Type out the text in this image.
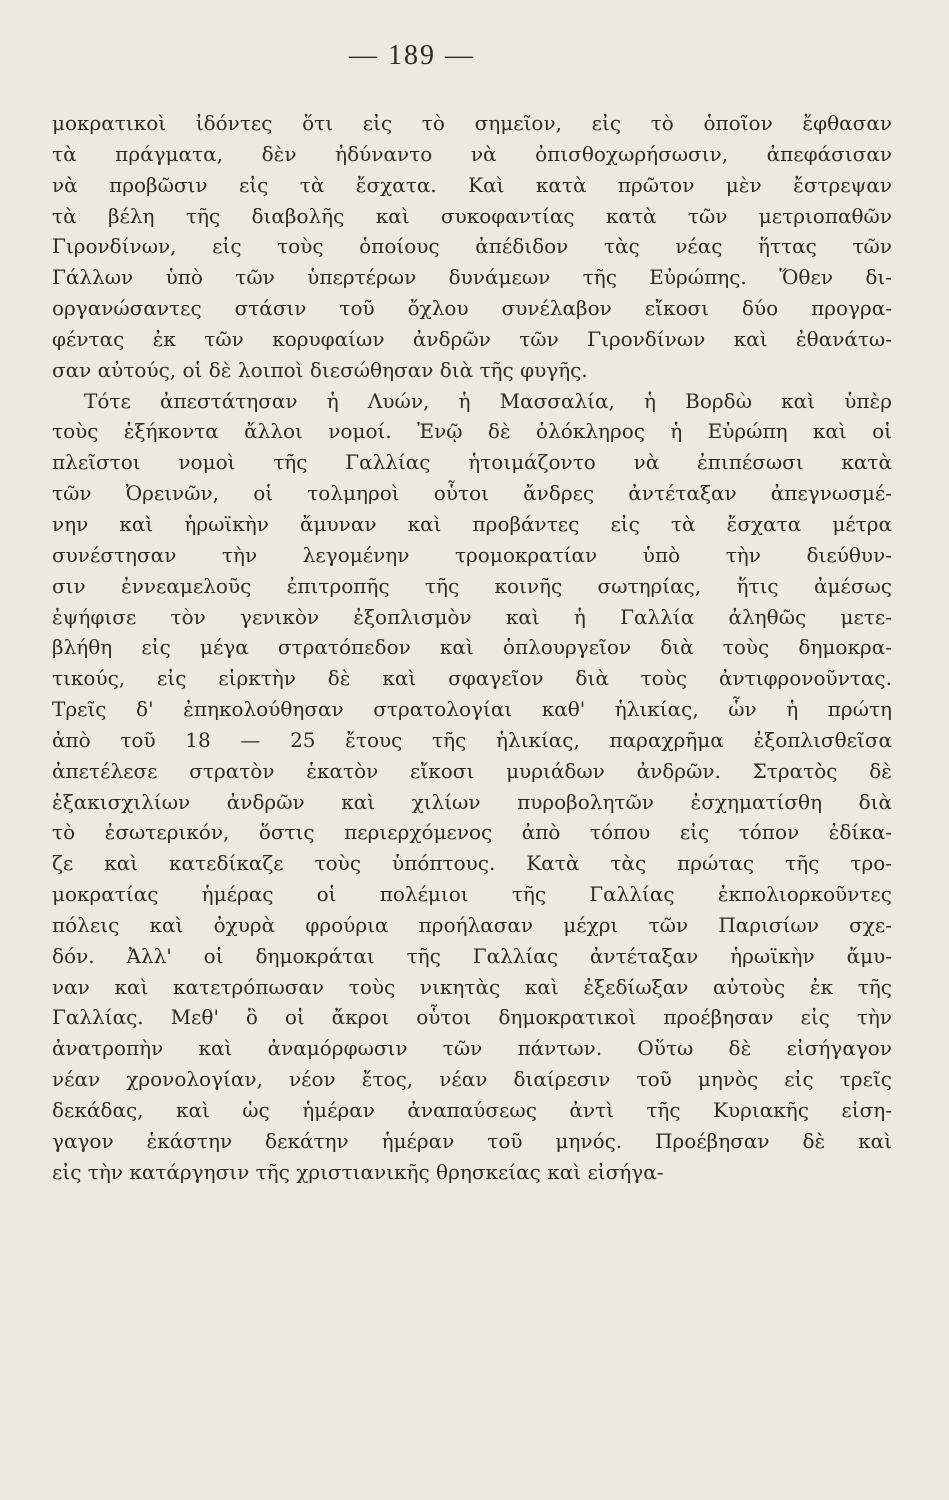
— 189 —
μοκρατικοὶ ἰδόντες ὅτι εἰς τὸ σημεῖον, εἰς τὸ ὁποῖον ἔφθασαν
τὰ πράγματα, δὲν ἠδύναντο νὰ ὀπισθοχωρήσωσιν, ἀπεφάσισαν
νὰ προβῶσιν εἰς τὰ ἔσχατα. Καὶ κατὰ πρῶτον μὲν ἔστρεψαν
τὰ βέλη τῆς διαβολῆς καὶ συκοφαντίας κατὰ τῶν μετριοπαθῶν
Γιρονδίνων, εἰς τοὺς ὁποίους ἀπέδιδον τὰς νέας ἥττας τῶν
Γάλλων ὑπὸ τῶν ὑπερτέρων δυνάμεων τῆς Εὐρώπης. Ὅθεν δι-
οργανώσαντες στάσιν τοῦ ὄχλου συνέλαβον εἴκοσι δύο προγρα-
φέντας ἐκ τῶν κορυφαίων ἀνδρῶν τῶν Γιρονδίνων καὶ ἐθανάτω-
σαν αὐτούς, οἱ δὲ λοιποὶ διεσώθησαν διὰ τῆς φυγῆς.
Τότε ἀπεστάτησαν ἡ Λυών, ἡ Μασσαλία, ἡ Βορδὼ καὶ ὑπὲρ
τοὺς ἑξήκοντα ἄλλοι νομοί. Ἐνῷ δὲ ὁλόκληρος ἡ Εὐρώπη καὶ οἱ
πλεῖστοι νομοὶ τῆς Γαλλίας ἡτοιμάζοντο νὰ ἐπιπέσωσι κατὰ
τῶν Ὀρεινῶν, οἱ τολμηροὶ οὗτοι ἄνδρες ἀντέταξαν ἀπεγνωσμέ-
νην καὶ ἡρωϊκὴν ἄμυναν καὶ προβάντες εἰς τὰ ἔσχατα μέτρα
συνέστησαν τὴν λεγομένην τρομοκρατίαν ὑπὸ τὴν διεύθυν-
σιν ἐννεαμελοῦς ἐπιτροπῆς τῆς κοινῆς σωτηρίας, ἥτις ἀμέσως
ἐψήφισε τὸν γενικὸν ἐξοπλισμὸν καὶ ἡ Γαλλία ἀληθῶς μετε-
βλήθη εἰς μέγα στρατόπεδον καὶ ὁπλουργεῖον διὰ τοὺς δημοκρα-
τικούς, εἰς εἱρκτὴν δὲ καὶ σφαγεῖον διὰ τοὺς ἀντιφρονοῦντας.
Τρεῖς δ' ἐπηκολούθησαν στρατολογίαι καθ' ἡλικίας, ὧν ἡ πρώτη
ἀπὸ τοῦ 18 — 25 ἔτους τῆς ἡλικίας, παραχρῆμα ἐξοπλισθεῖσα
ἀπετέλεσε στρατὸν ἑκατὸν εἴκοσι μυριάδων ἀνδρῶν. Στρατὸς δὲ
ἑξακισχιλίων ἀνδρῶν καὶ χιλίων πυροβολητῶν ἐσχηματίσθη διὰ
τὸ ἐσωτερικόν, ὅστις περιερχόμενος ἀπὸ τόπου εἰς τόπον ἐδίκα-
ζε καὶ κατεδίκαζε τοὺς ὑπόπτους. Κατὰ τὰς πρώτας τῆς τρο-
μοκρατίας ἡμέρας οἱ πολέμιοι τῆς Γαλλίας ἐκπολιορκοῦντες
πόλεις καὶ ὀχυρὰ φρούρια προήλασαν μέχρι τῶν Παρισίων σχε-
δόν. Ἀλλ' οἱ δημοκράται τῆς Γαλλίας ἀντέταξαν ἡρωϊκὴν ἄμυ-
ναν καὶ κατετρόπωσαν τοὺς νικητὰς καὶ ἐξεδίωξαν αὐτοὺς ἐκ τῆς
Γαλλίας. Μεθ' ὃ οἱ ἄκροι οὗτοι δημοκρατικοὶ προέβησαν εἰς τὴν
ἀνατροπὴν καὶ ἀναμόρφωσιν τῶν πάντων. Οὕτω δὲ εἰσήγαγον
νέαν χρονολογίαν, νέον ἔτος, νέαν διαίρεσιν τοῦ μηνὸς εἰς τρεῖς
δεκάδας, καὶ ὡς ἡμέραν ἀναπαύσεως ἀντὶ τῆς Κυριακῆς εἰση-
γαγον ἑκάστην δεκάτην ἡμέραν τοῦ μηνός. Προέβησαν δὲ καὶ
εἰς τὴν κατάργησιν τῆς χριστιανικῆς θρησκείας καὶ εἰσήγα-
